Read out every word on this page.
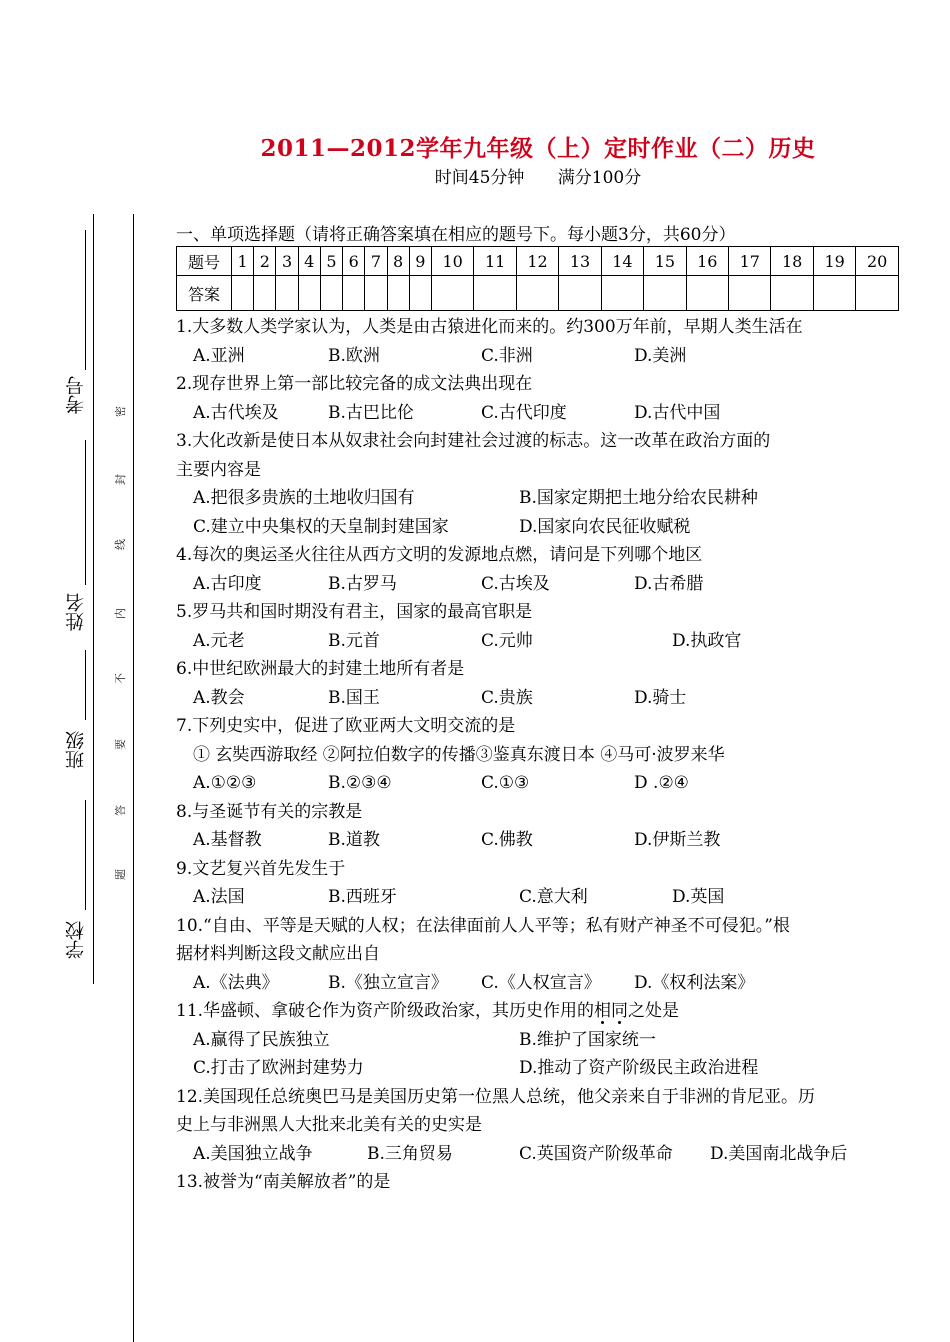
考号
姓名
班级
学校
密
封
线
内
不
要
答
题
2011—2012学年九年级（上）定时作业（二）历史
时间45分钟 满分100分
一、单项选择题（请将正确答案填在相应的题号下。每小题3分，共60分）
题号	1	2	3	4	5	6	7	8	9	10	11	12	13	14	15	16	17	18	19	20
答案																				
1.大多数人类学家认为，人类是由古猿进化而来的。约300万年前，早期人类生活在
A.亚洲	B.欧洲	C.非洲	D.美洲
2.现存世界上第一部比较完备的成文法典出现在
A.古代埃及	B.古巴比伦	C.古代印度	D.古代中国
3.大化改新是使日本从奴隶社会向封建社会过渡的标志。这一改革在政治方面的
主要内容是
A.把很多贵族的土地收归国有	B.国家定期把土地分给农民耕种
C.建立中央集权的天皇制封建国家	D.国家向农民征收赋税
4.每次的奥运圣火往往从西方文明的发源地点燃，请问是下列哪个地区
A.古印度	B.古罗马	C.古埃及	D.古希腊
5.罗马共和国时期没有君主，国家的最高官职是
A.元老	B.元首	C.元帅	D.执政官
6.中世纪欧洲最大的封建土地所有者是
A.教会	B.国王	C.贵族	D.骑士
7.下列史实中，促进了欧亚两大文明交流的是
① 玄奘西游取经 ②阿拉伯数字的传播③鉴真东渡日本 ④马可·波罗来华
A.①②③	B.②③④	C.①③	D .②④
8.与圣诞节有关的宗教是
A.基督教	B.道教	C.佛教	D.伊斯兰教
9.文艺复兴首先发生于
A.法国	B.西班牙	C.意大利	D.英国
10.“自由、平等是天赋的人权；在法律面前人人平等；私有财产神圣不可侵犯。”根
据材料判断这段文献应出自
A.《法典》	B.《独立宣言》 C.《人权宣言》 D.《权利法案》
11.华盛顿、拿破仑作为资产阶级政治家，其历史作用的相同之处是
A.赢得了民族独立	B.维护了国家统一
C.打击了欧洲封建势力	D.推动了资产阶级民主政治进程
12.美国现任总统奥巴马是美国历史第一位黑人总统，他父亲来自于非洲的肯尼亚。历
史上与非洲黑人大批来北美有关的史实是
A.美国独立战争	B.三角贸易	C.英国资产阶级革命 D.美国南北战争后
13.被誉为“南美解放者”的是
